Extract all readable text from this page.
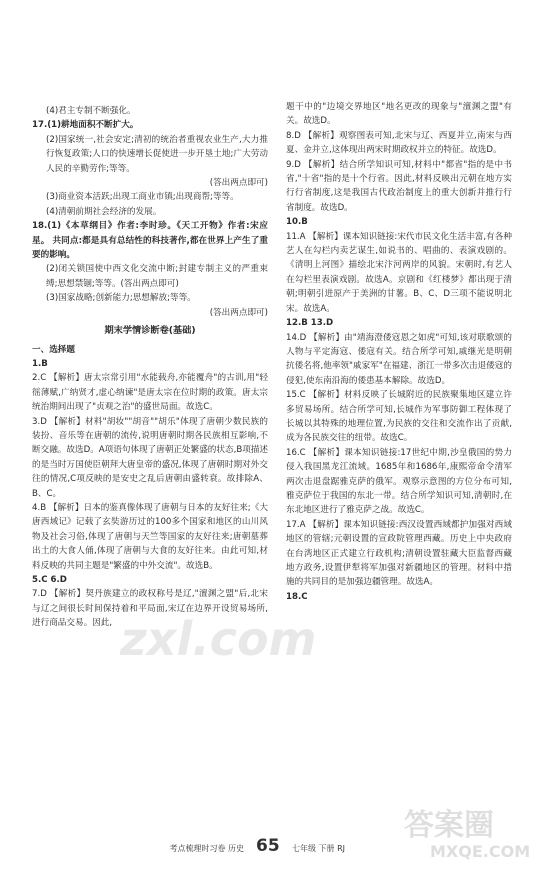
(4)君主专制不断强化。
17.(1)耕地面积不断扩大。
(2)国家统一,社会安定;清初的统治者重视农业生产,大力推行恢复政策;人口的快速增长促使进一步开垦土地;广大劳动人民的辛勤劳作;等等。
(答出两点即可)
(3)商业资本活跃;出现工商业市镇;出现商帮;等等。
(4)清朝前期社会经济的发展。
18.(1)《本草纲目》作者:李时珍。《天工开物》作者:宋应星。 共同点:都是具有总结性的科技著作,都在世界上产生了重要的影响。
(2)闭关锁国使中西文化交流中断;封建专制主义的严重束缚;思想禁锢;等等。(答出两点即可)
(3)国家战略;创新能力;思想解放;等等。
(答出两点即可)
期末学情诊断卷(基础)
一、选择题
1.B
2.C 【解析】唐太宗常引用"水能载舟,亦能覆舟"的古训,用"轻徭薄赋,广纳贤才,虚心纳谏"是唐太宗在位时期的政策。唐太宗统治期间出现了"贞观之治"的盛世局面。故选C。
3.D 【解析】材料"胡妆""胡音""胡乐"体现了唐朝少数民族的装扮、音乐等在唐朝的流传,说明唐朝时期各民族相互影响,不断交融。故选D。A项语句体现了唐朝正处繁盛的状态,B项描述的是当时万国使臣朝拜大唐皇帝的盛况,体现了唐朝时期对外交往的情况,C项反映的是安史之乱后唐朝由盛转衰。故排除A、B、C。
4.B 【解析】日本的鉴真像体现了唐朝与日本的友好往来;《大唐西域记》记载了玄奘游历过的100多个国家和地区的山川风物及社会习俗,体现了唐朝与天竺等国家的友好往来;唐朝墓葬出土的大食人俑,体现了唐朝与大食的友好往来。由此可知,材料反映的共同主题是"繁盛的中外交流"。故选B。
5.C 6.D
7.D 【解析】契丹族建立的政权称号是辽,"澶渊之盟"后,北宋与辽之间很长时间保持着和平局面,宋辽在边界开设贸易场所,进行商品交易。因此,
题干中的"边境交界地区"地名更改的现象与"澶渊之盟"有关。故选D。
8.D 【解析】观察图表可知,北宋与辽、西夏并立,南宋与西夏、金并立,这体现出两宋时期政权并立的特征。故选D。
9.D 【解析】结合所学知识可知,材料中"都省"指的是中书省,"十省"指的是十个行省。因此,材料反映出元朝在地方实行行省制度,这是我国古代政治制度上的重大创新并推行行省制度。故选D。
10.B
11.A 【解析】课本知识链接:宋代市民文化生活丰富,有各种艺人在勾栏内卖艺谋生,如说书的、唱曲的、表演戏剧的。《清明上河图》描绘北宋汴河两岸的风貌。宋朝时,有艺人在勾栏里表演戏剧。故选A。京剧和《红楼梦》都出现于清朝;明朝引进原产于美洲的甘薯。B、C、D三项不能说明北宋。故选A。
12.B 13.D
14.D 【解析】由"靖海澄倭寇恩之如虎"可知,该对联歌颂的人物与平定海寇、倭寇有关。结合所学可知,戚继光是明朝抗倭名将,他率领"戚家军"在福建、浙江一带多次击退倭寇的侵犯,使东南沿海的倭患基本解除。故选D。
15.C 【解析】材料反映了长城附近的民族聚集地区建立许多贸易场所。结合所学可知,长城作为军事防御工程体现了长城以其特殊的地理位置,为民族的交往和交流作出了贡献,成为各民族交往的纽带。故选C。
16.C 【解析】课本知识链接:17世纪中期,沙皇俄国的势力侵入我国黑龙江流域。1685年和1686年,康熙帝命令清军两次击退盘踞雅克萨的俄军。观察示意图的方位分布可知,雅克萨位于我国的东北一带。结合所学知识可知,清朝时,在东北地区进行了雅克萨之战。故选C。
17.A 【解析】课本知识链接:西汉设置西域都护加强对西域地区的管辖;元朝设置的宣政院管理西藏。历史上中央政府在台湾地区正式建立行政机构;清朝设置驻藏大臣监督西藏地方政务,设置伊犁将军加强对新疆地区的管理。材料中措施的共同目的是加强边疆管理。故选A。
18.C
考点梳理时习卷 历史 65 七年级 下册 RJ
zxl.com
答案圈
MXQE.COM
